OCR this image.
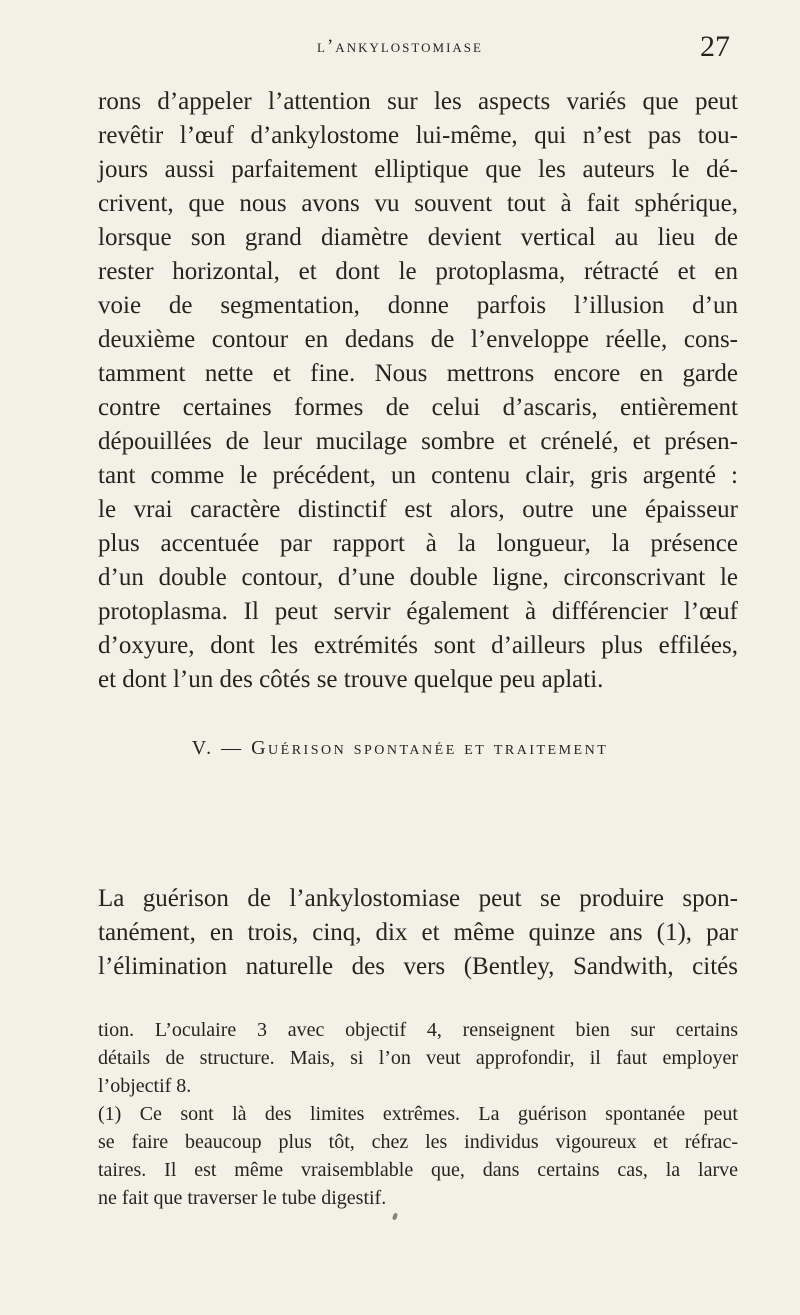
l’ankylostomiase	27
rons d’appeler l’attention sur les aspects variés que peut
revêtir l’œuf d’ankylostome lui-même, qui n’est pas tou-
jours aussi parfaitement elliptique que les auteurs le dé-
crivent, que nous avons vu souvent tout à fait sphérique,
lorsque son grand diamètre devient vertical au lieu de
rester horizontal, et dont le protoplasma, rétracté et en
voie de segmentation, donne parfois l’illusion d’un
deuxième contour en dedans de l’enveloppe réelle, cons-
tamment nette et fine. Nous mettrons encore en garde
contre certaines formes de celui d’ascaris, entièrement
dépouillées de leur mucilage sombre et crénelé, et présen-
tant comme le précédent, un contenu clair, gris argenté :
le vrai caractère distinctif est alors, outre une épaisseur
plus accentuée par rapport à la longueur, la présence
d’un double contour, d’une double ligne, circonscrivant le
protoplasma. Il peut servir également à différencier l’œuf
d’oxyure, dont les extrémités sont d’ailleurs plus effilées,
et dont l’un des côtés se trouve quelque peu aplati.
V. — Guérison spontanée et traitement
La guérison de l’ankylostomiase peut se produire spon-
tanément, en trois, cinq, dix et même quinze ans (1), par
l’élimination naturelle des vers (Bentley, Sandwith, cités
tion. L’oculaire 3 avec objectif 4, renseignent bien sur certains
détails de structure. Mais, si l’on veut approfondir, il faut employer
l’objectif 8.
(1) Ce sont là des limites extrêmes. La guérison spontanée peut
se faire beaucoup plus tôt, chez les individus vigoureux et réfrac-
taires. Il est même vraisemblable que, dans certains cas, la larve
ne fait que traverser le tube digestif.
